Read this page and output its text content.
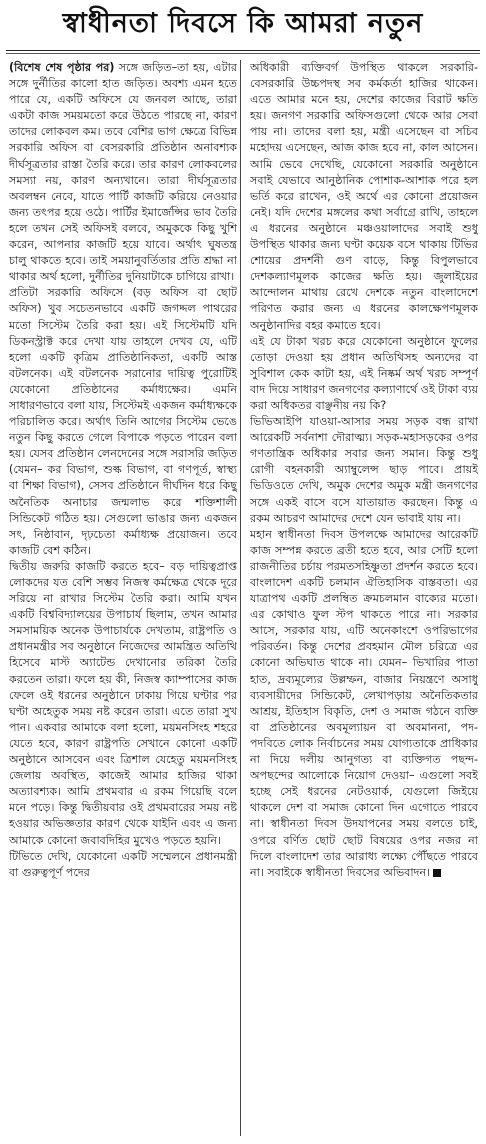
স্বাধীনতা দিবসে কি আমরা নতুন

(বিশেষ শেষ পৃষ্ঠার পর) সঙ্গে জড়িত–তা হয়, এটার সঙ্গে দুর্নীতির কালো হাত জড়িত। অবশ্য এমন হতে পারে যে, একটি অফিসে যে জনবল আছে, তারা একটা কাজ সময়মতো করে উঠতে পারছে না, কারণ তাদের লোকবল কম। তবে বেশির ভাগ ক্ষেত্রে বিভিন্ন সরকারি অফিস বা বেসরকারি প্রতিষ্ঠান অনাবশ্যক দীর্ঘসূত্রতার রাস্তা তৈরি করে। তার কারণ লোকবলের সমস্যা নয়, কারণ অন্যখানে। তারা দীর্ঘসূত্রতার অবলম্বন নেবে, যাতে পার্টি কাজটি করিয়ে নেওয়ার জন্য তৎপর হয়ে ওঠে। পার্টির ইমার্জেন্সির ভাব তৈরি হলে তখন সেই অফিসই বলবে, অমুককে কিছু খুশি করেন, আপনার কাজটি হয়ে যাবে। অর্থাৎ ঘুষতন্ত্র চালু থাকতে হবে। তাই সময়ানুবর্তিতার প্রতি শ্রদ্ধা না থাকার অর্থ হলো, দুর্নীতির দুনিয়াটাকে চাগিয়ে রাখা।

প্রতিটা সরকারি অফিসে (বড় অফিস বা ছোট অফিস) খুব সচেতনভাবে একটি জগদ্দল পাথরের মতো সিস্টেম তৈরি করা হয়। এই সিস্টেমটি যদি ডিকনস্ট্রাক্ট করে দেখা যায় তাহলে দেখব যে, এটি হলো একটি কৃত্রিম প্রাতিষ্ঠানিকতা, একটি আস্ত বটলনেক। এই বটলনেক সরানোর দায়িত্ব পুরোটিই যেকোনো প্রতিষ্ঠানের কর্মাধ্যক্ষের। এমনি সাধারণভাবে বলা যায়, সিস্টেমই একজন কর্মাধ্যক্ষকে পরিচালিত করে। অর্থাৎ তিনি আগের সিস্টেম ভেঙে নতুন কিছু করতে গেলে বিপাকে পড়তে পারেন বলা হয়। যেসব প্রতিষ্ঠান লেনদেনের সঙ্গে সরাসরি জড়িত (যেমন– কর বিভাগ, শুল্ক বিভাগ, বা গণপূর্ত, স্বাস্থ্য বা শিক্ষা বিভাগ), সেসব প্রতিষ্ঠানে দীর্ঘদিন ধরে কিছু অনৈতিক অনাচার জন্মলাভ করে শক্তিশালী সিন্ডিকেট গঠিত হয়। সেগুলো ভাঙার জন্য একজন সৎ, নিষ্ঠাবান, দৃঢ়চেতা কর্মাধ্যক্ষ প্রয়োজন। তবে কাজটি বেশ কঠিন।

দ্বিতীয় জরুরি কাজটি করতে হবে– বড় দায়িত্বপ্রাপ্ত লোকদের যত বেশি সম্ভব নিজস্ব কর্মক্ষেত্র থেকে দূরে সরিয়ে না রাখার সিস্টেম তৈরি করা। আমি যখন একটি বিশ্ববিদ্যালয়ের উপাচার্য ছিলাম, তখন আমার সমসাময়িক অনেক উপাচার্যকে দেখতাম, রাষ্ট্রপতি ও প্রধানমন্ত্রীর সব অনুষ্ঠানে নিজেদের আমন্ত্রিত অতিথি হিসেবে মাস্ট অ্যাটেন্ড দেখানোর তরিকা তৈরি করতেন তারা। ফলে হয় কী, নিজস্ব ক্যাম্পাসের কাজ ফেলে ওই ধরনের অনুষ্ঠানে ঢাকায় গিয়ে ঘণ্টার পর ঘণ্টা অহেতুক সময় নষ্ট করেন তারা। এতে তারা সুখ পান। একবার আমাকে বলা হলো, ময়মনসিংহ শহরে যেতে হবে, কারণ রাষ্ট্রপতি সেখানে কোনো একটি অনুষ্ঠানে আসবেন এবং ত্রিশাল যেহেতু ময়মনসিংহ জেলায় অবস্থিত, কাজেই আমার হাজির থাকা অত্যাবশ্যক। আমি প্রথমবার এ রকম গিয়েছি বলে মনে পড়ে। কিন্তু দ্বিতীয়বার ওই প্রথমবারের সময় নষ্ট হওয়ার অভিজ্ঞতার কারণ থেকে যাইনি এবং এ জন্য আমাকে কোনো জবাবদিহির মুখেও পড়তে হয়নি।

টিভিতে দেখি, যেকোনো একটি সম্মেলনে প্রধানমন্ত্রী বা গুরুত্বপূর্ণ পদের

অধিকারী ব্যক্তিবর্গ উপস্থিত থাকলে সরকারি-বেসরকারি উচ্চপদস্থ সব কর্মকর্তা হাজির থাকেন। এতে আমার মনে হয়, দেশের কাজের বিরাট ক্ষতি হয়। জনগণ সরকারি অফিসগুলো থেকে আর সেবা পায় না। তাদের বলা হয়, মন্ত্রী এসেছেন বা সচিব মহোদয় এসেছেন, আজ কাজ হবে না, কাল আসেন। আমি ভেবে দেখেছি, যেকোনো সরকারি অনুষ্ঠানে সবাই যেভাবে আনুষ্ঠানিক পোশাক-আশাক পরে হল ভর্তি করে রাখেন, ওই অর্থে এর কোনো প্রয়োজন নেই। যদি দেশের মঙ্গলের কথা সর্বাগ্রে রাখি, তাহলে এ ধরনের অনুষ্ঠানে মঞ্চওয়ালাদের সবাই শুধু উপস্থিত থাকার জন্য ঘণ্টা কয়েক বসে থাকায় টিভির শোয়ের প্রদর্শনী গুণ বাড়ে, কিন্তু বিপুলভাবে দেশকল্যাণমূলক কাজের ক্ষতি হয়। জুলাইয়ের আন্দোলন মাথায় রেখে দেশকে নতুন বাংলাদেশে পরিণত করার জন্য এ ধরনের কালক্ষেপণমূলক অনুষ্ঠানাদির বহর কমাতে হবে।

এই যে টাকা খরচ করে যেকোনো অনুষ্ঠানে ফুলের তোড়া দেওয়া হয় প্রধান অতিথিসহ অন্যদের বা সুবিশাল কেক কাটা হয়, এই নিষ্কর্ম অর্থ খরচ সম্পূর্ণ বাদ দিয়ে সাধারণ জনগণের কল্যাণার্থে ওই টাকা ব্যয় করা অধিকতর বাঞ্ছনীয় নয় কি?

ভিভিআইপি যাওয়া-আসার সময় সড়ক বন্ধ রাখা আরেকটি সর্বনাশা দৌরাত্ম্য। সড়ক-মহাসড়কের ওপর গণতান্ত্রিক অধিকার সবার জন্য সমান। কিন্তু শুধু রোগী বহনকারী অ্যাম্বুলেন্স ছাড় পাবে। প্রায়ই ভিডিওতে দেখি, অমুক দেশের অমুক মন্ত্রী জনগণের সঙ্গে একই বাসে বসে যাতায়াত করছেন। কিন্তু এ রকম আচরণ আমাদের দেশে যেন ভাবাই যায় না।

মহান স্বাধীনতা দিবস উপলক্ষে আমাদের আরেকটি কাজ সম্পন্ন করতে ব্রতী হতে হবে, আর সেটি হলো রাজনীতির চর্চায় পরমতসহিষ্ণুতা প্রদর্শন করতে হবে। বাংলাদেশ একটি চলমান ঐতিহাসিক বাস্তবতা। এর যাত্রাপথ একটি প্রলম্বিত ক্রমচলমান বাক্যের মতো। এর কোথাও ফুল স্টপ থাকতে পারে না। সরকার আসে, সরকার যায়, এটি অনেকাংশে ওপরিভাগের পরিবর্তন। কিন্তু দেশের প্রবহমান মৌল চরিত্রে এর কোনো অভিঘাত থাকে না। যেমন– ভিখারির পাতা হাত, দ্রব্যমূল্যের উল্লম্ফন, বাজার নিয়ন্ত্রণে অসাধু ব্যবসায়ীদের সিন্ডিকেট, লেখাপড়ায় অনৈতিকতার আশ্রয়, ইতিহাস বিকৃতি, দেশ ও সমাজ গঠনে ব্যক্তি বা প্রতিষ্ঠানের অবমূল্যায়ন বা অবমাননা, পদ-পদবিতে লোক নির্বাচনের সময় যোগ্যতাকে প্রাধিকার না দিয়ে দলীয় আনুগত্য বা ব্যক্তিগত পছন্দ-অপছন্দের আলোকে নিয়োগ দেওয়া– এগুলো সবই হচ্ছে সেই ধরনের নেটওয়ার্ক, যেগুলো জিইয়ে থাকলে দেশ বা সমাজ কোনো দিন এগোতে পারবে না। স্বাধীনতা দিবস উদযাপনের সময় বলতে চাই, ওপরে বর্ণিত ছোট ছোট বিষয়ের ওপর নজর না দিলে বাংলাদেশ তার আরাধ্য লক্ষ্যে পৌঁছতে পারবে না। সবাইকে স্বাধীনতা দিবসের অভিবাদন।
